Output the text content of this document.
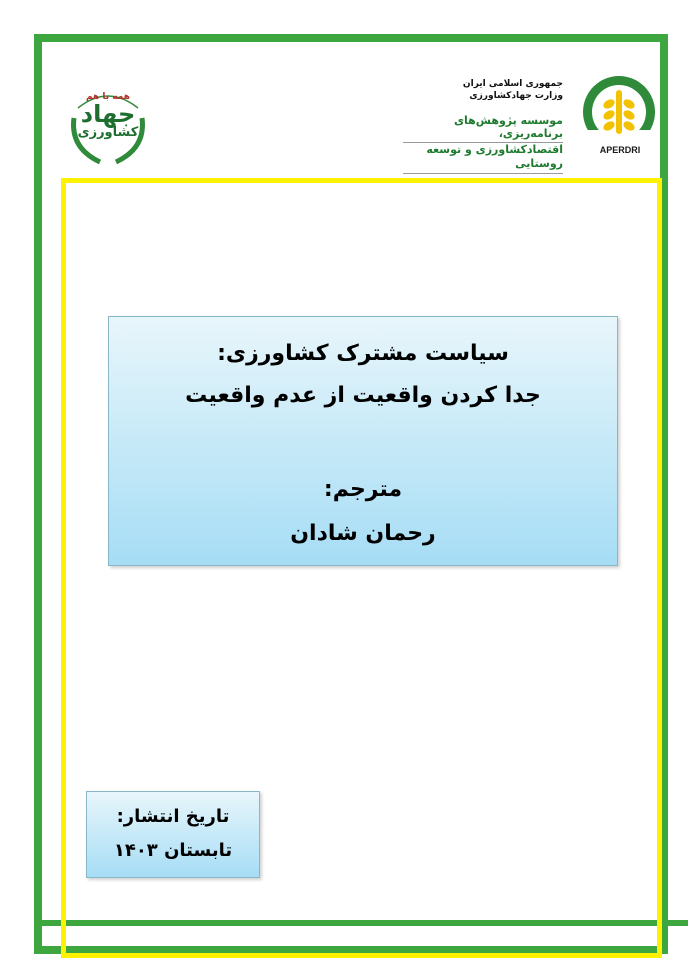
APERDRI
جمهوری اسلامی ایران
وزارت جهادکشاورزی
موسسه پژوهش‌های برنامه‌ریزی،
اقتصادکشاورزی و توسعه روستایی
همه با هم
جهاد
کشاورزی
سیاست مشترک کشاورزی:
جدا کردن واقعیت از عدم واقعیت
مترجم:
رحمان شادان
تاریخ انتشار:
تابستان ۱۴۰۳
